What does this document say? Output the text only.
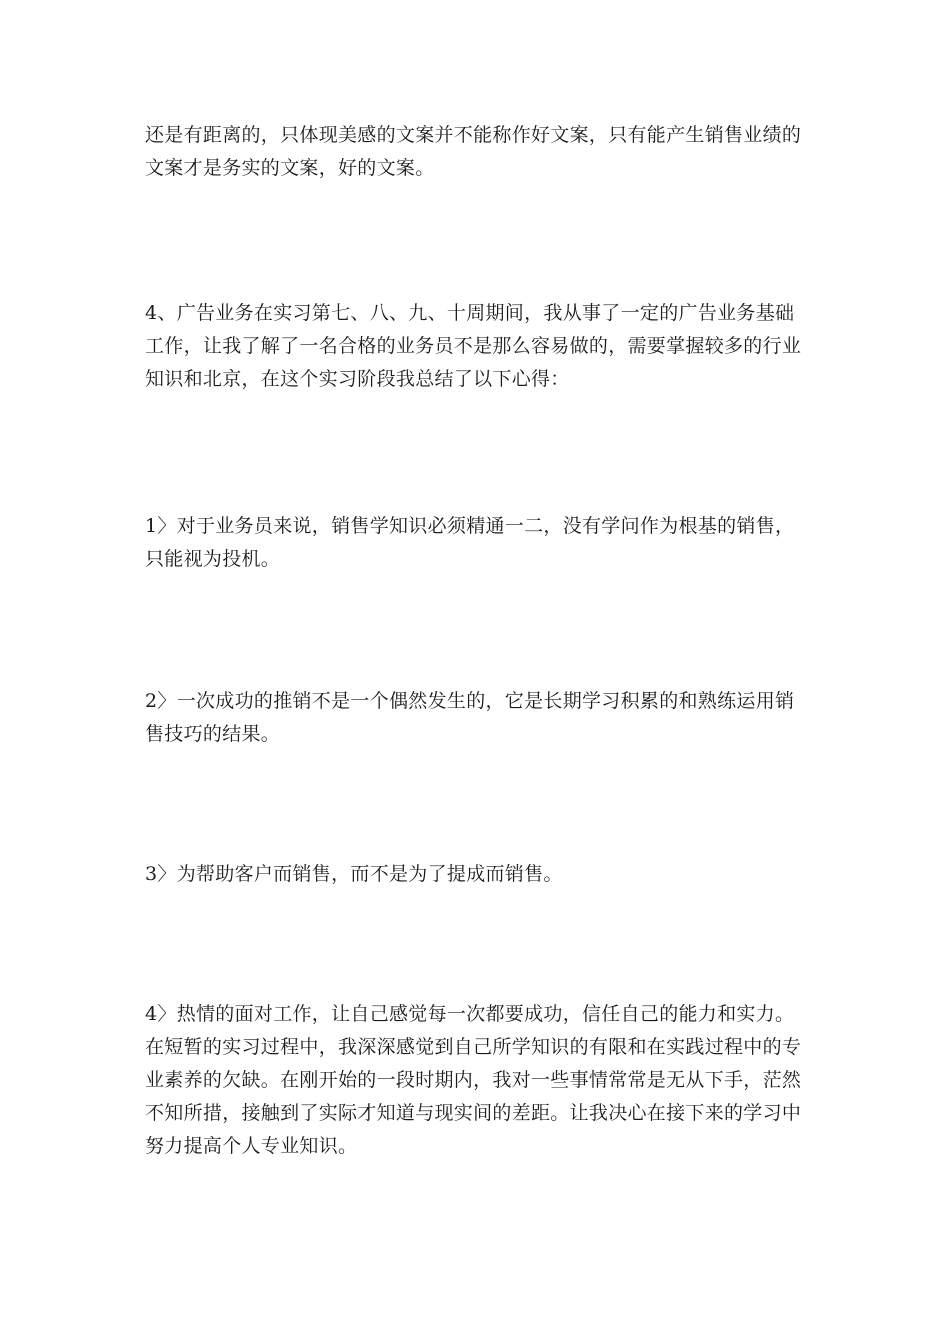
还是有距离的，只体现美感的文案并不能称作好文案，只有能产生销售业绩的
文案才是务实的文案，好的文案。

4、广告业务在实习第七、八、九、十周期间，我从事了一定的广告业务基础
工作，让我了解了一名合格的业务员不是那么容易做的，需要掌握较多的行业
知识和北京，在这个实习阶段我总结了以下心得：

1〉对于业务员来说，销售学知识必须精通一二，没有学问作为根基的销售，
只能视为投机。

2〉一次成功的推销不是一个偶然发生的，它是长期学习积累的和熟练运用销
售技巧的结果。

3〉为帮助客户而销售，而不是为了提成而销售。

4〉热情的面对工作，让自己感觉每一次都要成功，信任自己的能力和实力。
在短暂的实习过程中，我深深感觉到自己所学知识的有限和在实践过程中的专
业素养的欠缺。在刚开始的一段时期内，我对一些事情常常是无从下手，茫然
不知所措，接触到了实际才知道与现实间的差距。让我决心在接下来的学习中
努力提高个人专业知识。
